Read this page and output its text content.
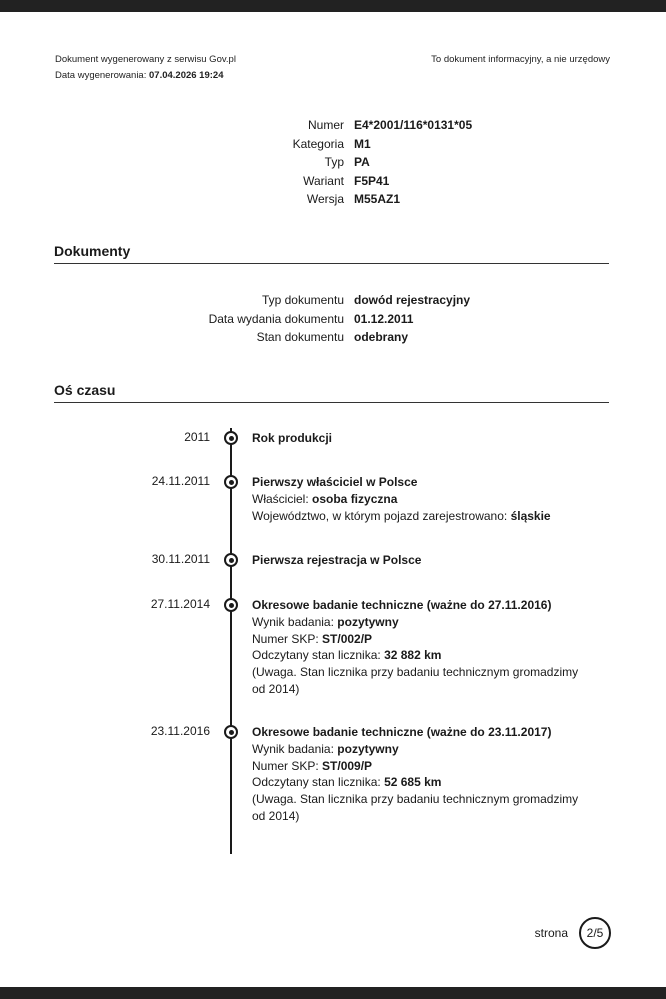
Dokument wygenerowany z serwisu Gov.pl
Data wygenerowania: 07.04.2026 19:24
To dokument informacyjny, a nie urzędowy
Numer E4*2001/116*0131*05
Kategoria M1
Typ PA
Wariant F5P41
Wersja M55AZ1
Dokumenty
Typ dokumentu dowód rejestracyjny
Data wydania dokumentu 01.12.2011
Stan dokumentu odebrany
Oś czasu
2011	Rok produkcji
24.11.2011	Pierwszy właściciel w Polsce
Właściciel: osoba fizyczna
Województwo, w którym pojazd zarejestrowano: śląskie
30.11.2011	Pierwsza rejestracja w Polsce
27.11.2014	Okresowe badanie techniczne (ważne do 27.11.2016)
Wynik badania: pozytywny
Numer SKP: ST/002/P
Odczytany stan licznika: 32 882 km
(Uwaga. Stan licznika przy badaniu technicznym gromadzimy od 2014)
23.11.2016	Okresowe badanie techniczne (ważne do 23.11.2017)
Wynik badania: pozytywny
Numer SKP: ST/009/P
Odczytany stan licznika: 52 685 km
(Uwaga. Stan licznika przy badaniu technicznym gromadzimy od 2014)
strona	2/5
